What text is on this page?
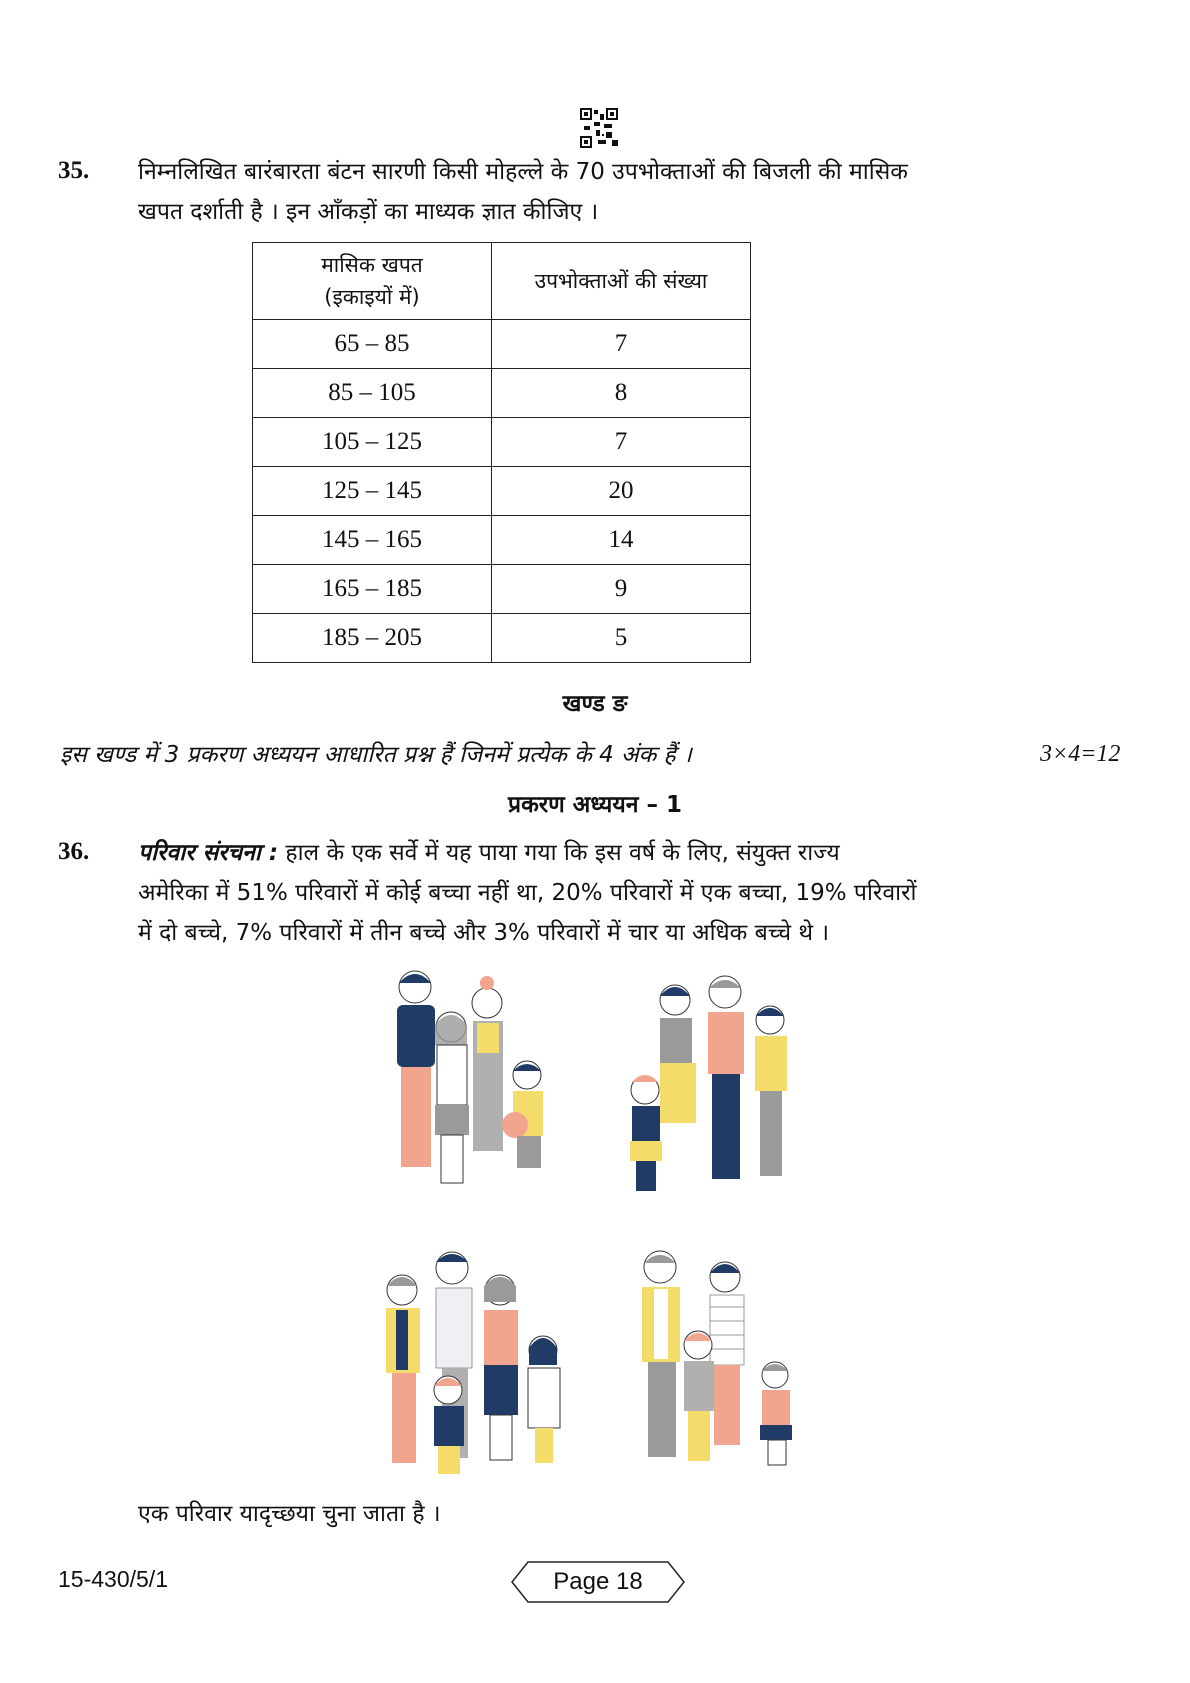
35. निम्नलिखित बारंबारता बंटन सारणी किसी मोहल्ले के 70 उपभोक्ताओं की बिजली की मासिक
खपत दर्शाती है । इन आँकड़ों का माध्यक ज्ञात कीजिए ।
मासिक खपत
(इकाइयों में)	उपभोक्ताओं की संख्या
65 – 85	7
85 – 105	8
105 – 125	7
125 – 145	20
145 – 165	14
165 – 185	9
185 – 205	5
खण्ड ङ
इस खण्ड में 3 प्रकरण अध्ययन आधारित प्रश्न हैं जिनमें प्रत्येक के 4 अंक हैं ।	3×4=12
प्रकरण अध्ययन – 1
36. परिवार संरचना : हाल के एक सर्वे में यह पाया गया कि इस वर्ष के लिए, संयुक्त राज्य
अमेरिका में 51% परिवारों में कोई बच्चा नहीं था, 20% परिवारों में एक बच्चा, 19% परिवारों
में दो बच्चे, 7% परिवारों में तीन बच्चे और 3% परिवारों में चार या अधिक बच्चे थे ।
एक परिवार यादृच्छया चुना जाता है ।
15-430/5/1	Page 18
